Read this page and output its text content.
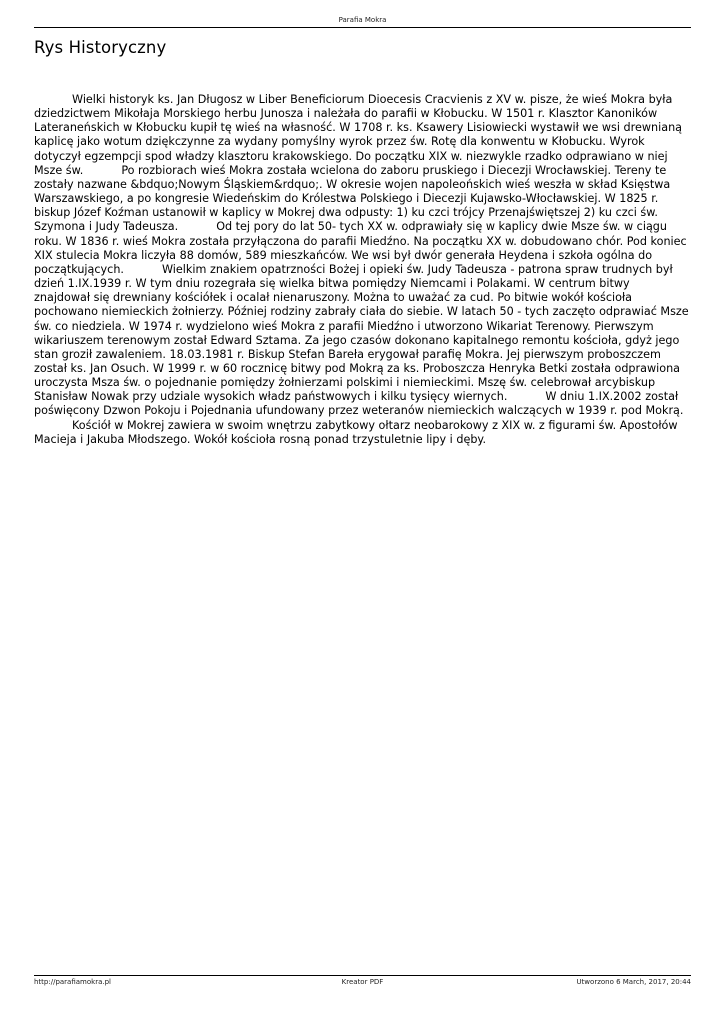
Parafia Mokra
Rys Historyczny

Wielki historyk ks. Jan Długosz w Liber Beneficiorum Dioecesis Cracvienis z XV w. pisze, że wieś Mokra była dziedzictwem Mikołaja Morskiego herbu Junosza i należała do parafii w Kłobucku. W 1501 r. Klasztor Kanoników Lateraneńskich w Kłobucku kupił tę wieś na własność. W 1708 r. ks. Ksawery Lisiowiecki wystawił we wsi drewnianą kaplicę jako wotum dziękczynne za wydany pomyślny wyrok przez św. Rotę dla konwentu w Kłobucku. Wyrok dotyczył egzempcji spod władzy klasztoru krakowskiego. Do początku XIX w. niezwykle rzadko odprawiano w niej Msze św.	Po rozbiorach wieś Mokra została wcielona do zaboru pruskiego i Diecezji Wrocławskiej. Tereny te zostały nazwane &bdquo;Nowym Śląskiem&rdquo;. W okresie wojen napoleońskich wieś weszła w skład Księstwa Warszawskiego, a po kongresie Wiedeńskim do Królestwa Polskiego i Diecezji Kujawsko-Włocławskiej. W 1825 r. biskup Józef Koźman ustanowił w kaplicy w Mokrej dwa odpusty: 1) ku czci trójcy Przenajświętszej 2) ku czci św. Szymona i Judy Tadeusza.	Od tej pory do lat 50- tych XX w. odprawiały się w kaplicy dwie Msze św. w ciągu roku. W 1836 r. wieś Mokra została przyłączona do parafii Miedźno. Na początku XX w. dobudowano chór. Pod koniec XIX stulecia Mokra liczyła 88 domów, 589 mieszkańców. We wsi był dwór generała Heydena i szkoła ogólna do początkujących.	Wielkim znakiem opatrzności Bożej i opieki św. Judy Tadeusza - patrona spraw trudnych był dzień 1.IX.1939 r. W tym dniu rozegrała się wielka bitwa pomiędzy Niemcami i Polakami. W centrum bitwy znajdował się drewniany kościółek i ocalał nienaruszony. Można to uważać za cud. Po bitwie wokół kościoła pochowano niemieckich żołnierzy. Później rodziny zabrały ciała do siebie. W latach 50 - tych zaczęto odprawiać Msze św. co niedziela. W 1974 r. wydzielono wieś Mokra z parafii Miedźno i utworzono Wikariat Terenowy. Pierwszym wikariuszem terenowym został Edward Sztama. Za jego czasów dokonano kapitalnego remontu kościoła, gdyż jego stan groził zawaleniem. 18.03.1981 r. Biskup Stefan Bareła erygował parafię Mokra. Jej pierwszym proboszczem został ks. Jan Osuch. W 1999 r. w 60 rocznicę bitwy pod Mokrą za ks. Proboszcza Henryka Betki została odprawiona uroczysta Msza św. o pojednanie pomiędzy żołnierzami polskimi i niemieckimi. Mszę św. celebrował arcybiskup Stanisław Nowak przy udziale wysokich władz państwowych i kilku tysięcy wiernych.	W dniu 1.IX.2002 został poświęcony Dzwon Pokoju i Pojednania ufundowany przez weteranów niemieckich walczących w 1939 r. pod Mokrą.Kościół w Mokrej zawiera w swoim wnętrzu zabytkowy ołtarz neobarokowy z XIX w. z figurami św. Apostołów Macieja i Jakuba Młodszego. Wokół kościoła rosną ponad trzystuletnie lipy i dęby.

http://parafiamokra.pl	Kreator PDF	Utworzono 6 March, 2017, 20:44
